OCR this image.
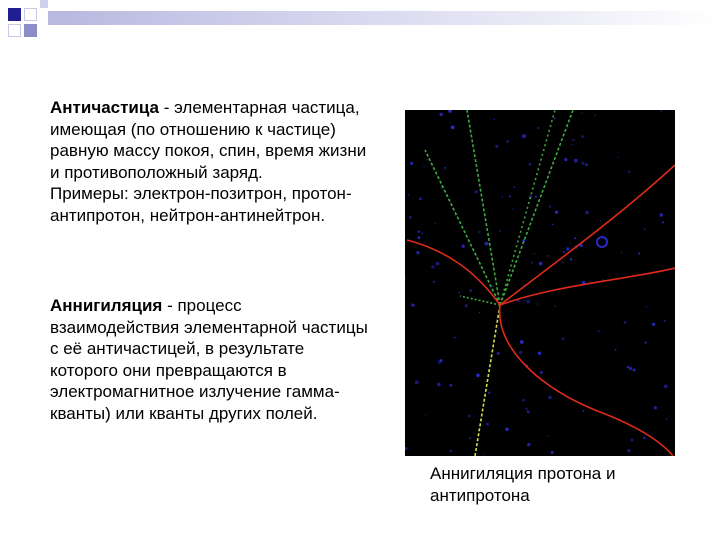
Античастица - элементарная частица, имеющая (по отношению к частице) равную массу покоя, спин, время жизни и противоположный заряд.
Примеры: электрон-позитрон, протон-антипротон, нейтрон-антинейтрон.
Аннигиляция - процесс взаимодействия элементарной частицы с её античастицей, в результате которого они превращаются в электромагнитное излучение гамма-кванты) или кванты других полей.
Аннигиляция протона и антипротона
